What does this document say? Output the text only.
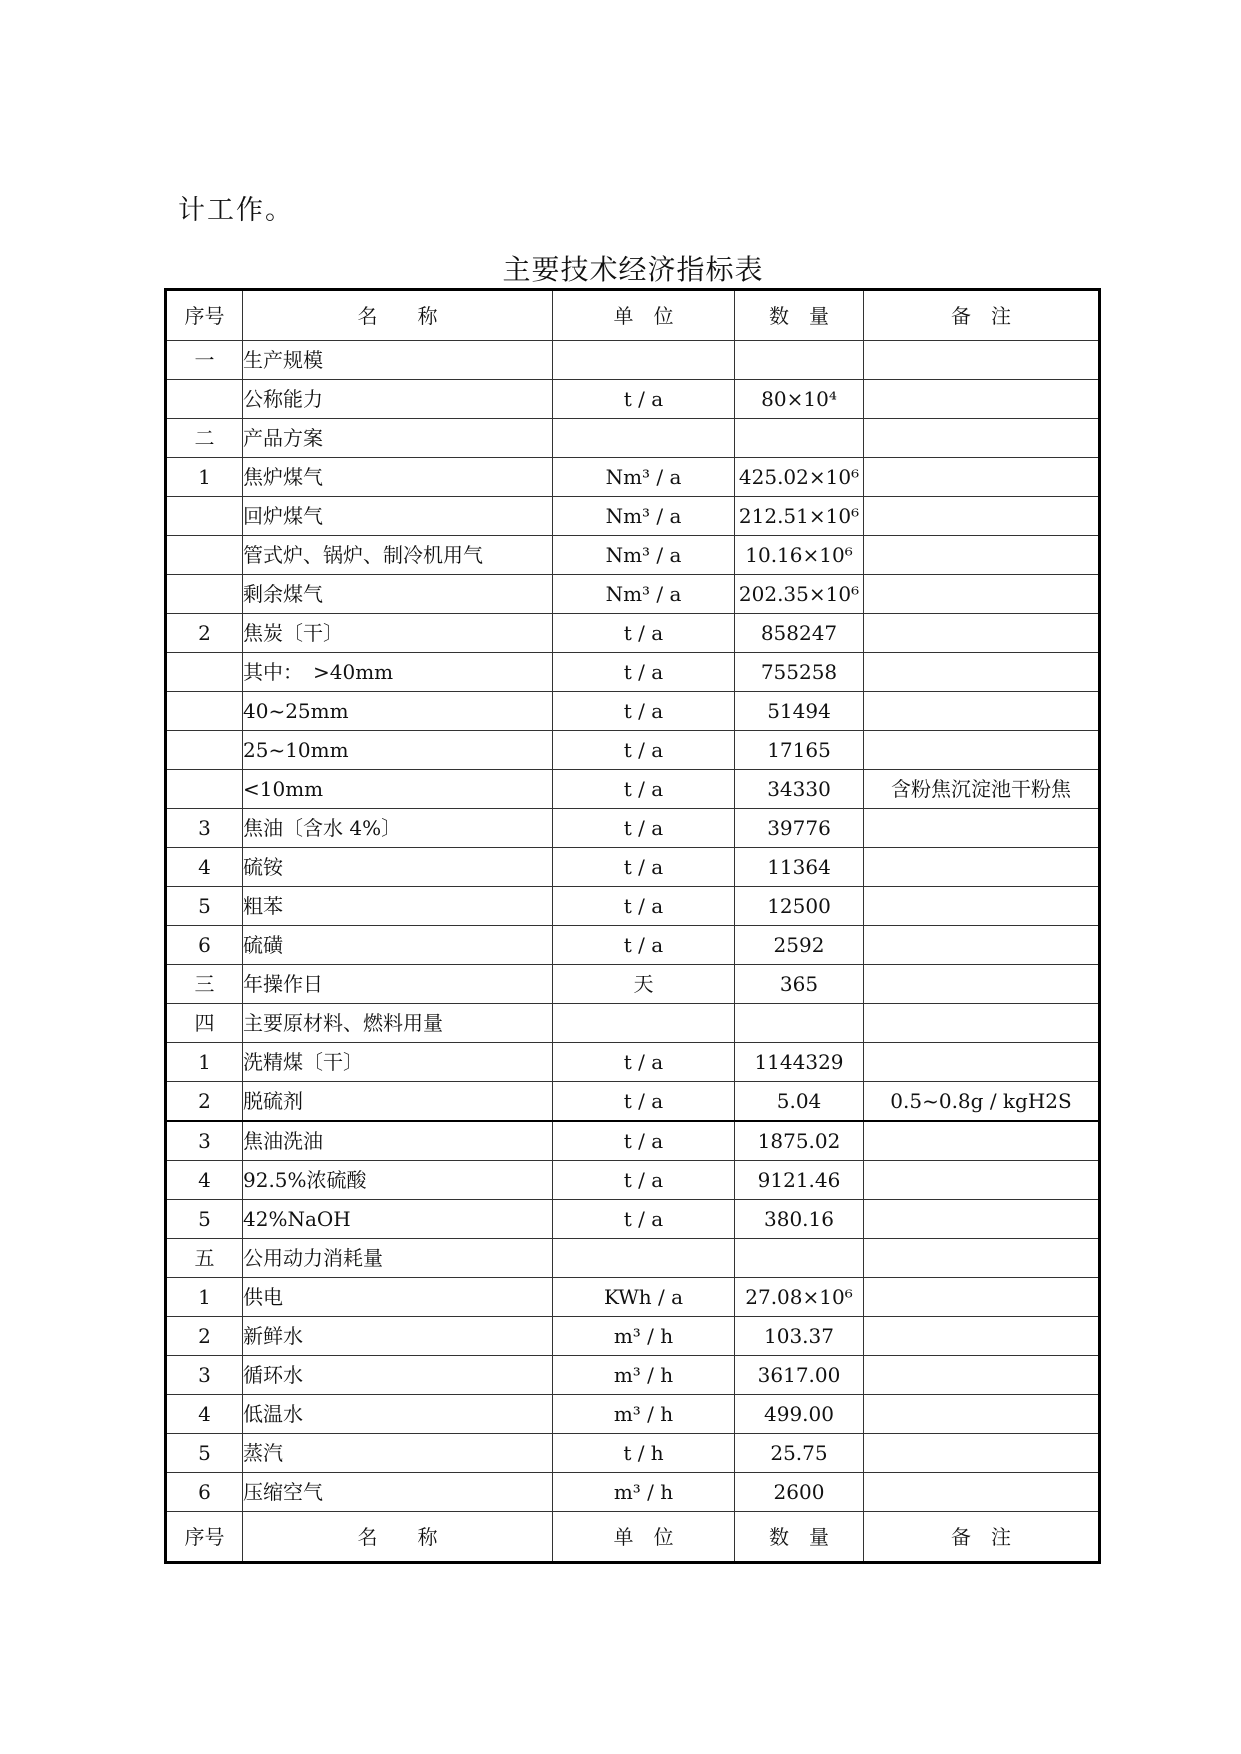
计工作。
主要技术经济指标表
序号	名　　称	单　位	数　量	备　注
一	生产规模			
	公称能力	t / a	80×10⁴	
二	产品方案			
1	焦炉煤气	Nm³ / a	425.02×10⁶	
	回炉煤气	Nm³ / a	212.51×10⁶	
	管式炉、锅炉、制冷机用气	Nm³ / a	10.16×10⁶	
	剩余煤气	Nm³ / a	202.35×10⁶	
2	焦炭〔干〕	t / a	858247	
	其中：　>40mm	t / a	755258	
	40~25mm	t / a	51494	
	25~10mm	t / a	17165	
	<10mm	t / a	34330	含粉焦沉淀池干粉焦
3	焦油〔含水 4%〕	t / a	39776	
4	硫铵	t / a	11364	
5	粗苯	t / a	12500	
6	硫磺	t / a	2592	
三	年操作日	天	365	
四	主要原材料、燃料用量			
1	洗精煤〔干〕	t / a	1144329	
2	脱硫剂	t / a	5.04	0.5~0.8g / kgH2S
3	焦油洗油	t / a	1875.02	
4	92.5%浓硫酸	t / a	9121.46	
5	42%NaOH	t / a	380.16	
五	公用动力消耗量			
1	供电	KWh / a	27.08×10⁶	
2	新鲜水	m³ / h	103.37	
3	循环水	m³ / h	3617.00	
4	低温水	m³ / h	499.00	
5	蒸汽	t / h	25.75	
6	压缩空气	m³ / h	2600	
序号	名　　称	单　位	数　量	备　注
